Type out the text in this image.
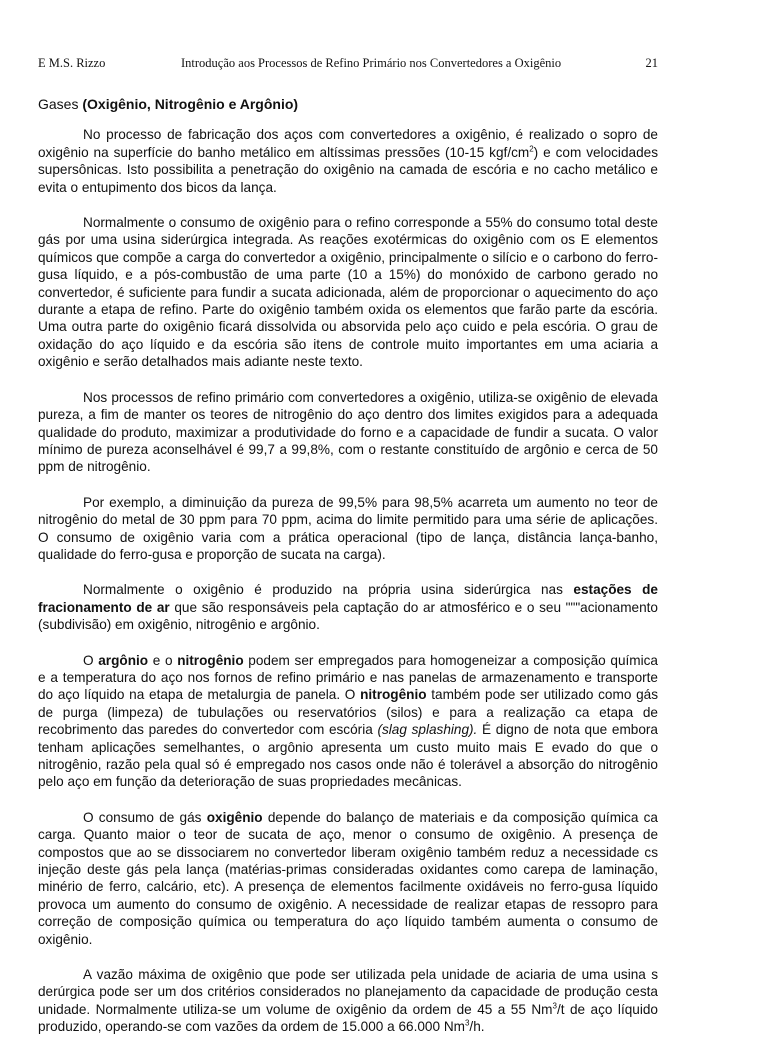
E M.S. Rizzo	Introdução aos Processos de Refino Primário nos Convertedores a Oxigênio	21
Gases (Oxigênio, Nitrogênio e Argônio)

No processo de fabricação dos aços com convertedores a oxigênio, é realizado o sopro de oxigênio na superfície do banho metálico em altíssimas pressões (10-15 kgf/$cm^2$) e com velocidades supersônicas. Isto possibilita a penetração do oxigênio na camada de escória e no cacho metálico e evita o entupimento dos bicos da lança.

Normalmente o consumo de oxigênio para o refino corresponde a 55% do consumo total deste gás por uma usina siderúrgica integrada. As reações exotérmicas do oxigênio com os E elementos químicos que compõe a carga do convertedor a oxigênio, principalmente o silício e o carbono do ferro-gusa líquido, e a pós-combustão de uma parte (10 a 15%) do monóxido de carbono gerado no convertedor, é suficiente para fundir a sucata adicionada, além de proporcionar o aquecimento do aço durante a etapa de refino. Parte do oxigênio também oxida os elementos que farão parte da escória. Uma outra parte do oxigênio ficará dissolvida ou absorvida pelo aço cuido e pela escória. O grau de oxidação do aço líquido e da escória são itens de controle muito importantes em uma aciaria a oxigênio e serão detalhados mais adiante neste texto.

Nos processos de refino primário com convertedores a oxigênio, utiliza-se oxigênio de elevada pureza, a fim de manter os teores de nitrogênio do aço dentro dos limites exigidos para a adequada qualidade do produto, maximizar a produtividade do forno e a capacidade de fundir a sucata. O valor mínimo de pureza aconselhável é 99,7 a 99,8%, com o restante constituído de argônio e cerca de 50 ppm de nitrogênio.

Por exemplo, a diminuição da pureza de 99,5% para 98,5% acarreta um aumento no teor de nitrogênio do metal de 30 ppm para 70 ppm, acima do limite permitido para uma série de aplicações. O consumo de oxigênio varia com a prática operacional (tipo de lança, distância lança-banho, qualidade do ferro-gusa e proporção de sucata na carga).

Normalmente o oxigênio é produzido na própria usina siderúrgica nas estações de fracionamento de ar que são responsáveis pela captação do ar atmosférico e o seu """acionamento (subdivisão) em oxigênio, nitrogênio e argônio.

O argônio e o nitrogênio podem ser empregados para homogeneizar a composição química e a temperatura do aço nos fornos de refino primário e nas panelas de armazenamento e transporte do aço líquido na etapa de metalurgia de panela. O nitrogênio também pode ser utilizado como gás de purga (limpeza) de tubulações ou reservatórios (silos) e para a realização ca etapa de recobrimento das paredes do convertedor com escória (slag splashing). É digno de nota que embora tenham aplicações semelhantes, o argônio apresenta um custo muito mais E evado do que o nitrogênio, razão pela qual só é empregado nos casos onde não é tolerável a absorção do nitrogênio pelo aço em função da deterioração de suas propriedades mecânicas.

O consumo de gás oxigênio depende do balanço de materiais e da composição química ca carga. Quanto maior o teor de sucata de aço, menor o consumo de oxigênio. A presença de compostos que ao se dissociarem no convertedor liberam oxigênio também reduz a necessidade cs injeção deste gás pela lança (matérias-primas consideradas oxidantes como carepa de laminação, minério de ferro, calcário, etc). A presença de elementos facilmente oxidáveis no ferro-gusa líquido provoca um aumento do consumo de oxigênio. A necessidade de realizar etapas de ressopro para correção de composição química ou temperatura do aço líquido também aumenta o consumo de oxigênio.

A vazão máxima de oxigênio que pode ser utilizada pela unidade de aciaria de uma usina s derúrgica pode ser um dos critérios considerados no planejamento da capacidade de produção cesta unidade. Normalmente utiliza-se um volume de oxigênio da ordem de 45 a 55 Nm$^3$/t de aço líquido produzido, operando-se com vazões da ordem de 15.000 a 66.000 Nm$^3$/h.
